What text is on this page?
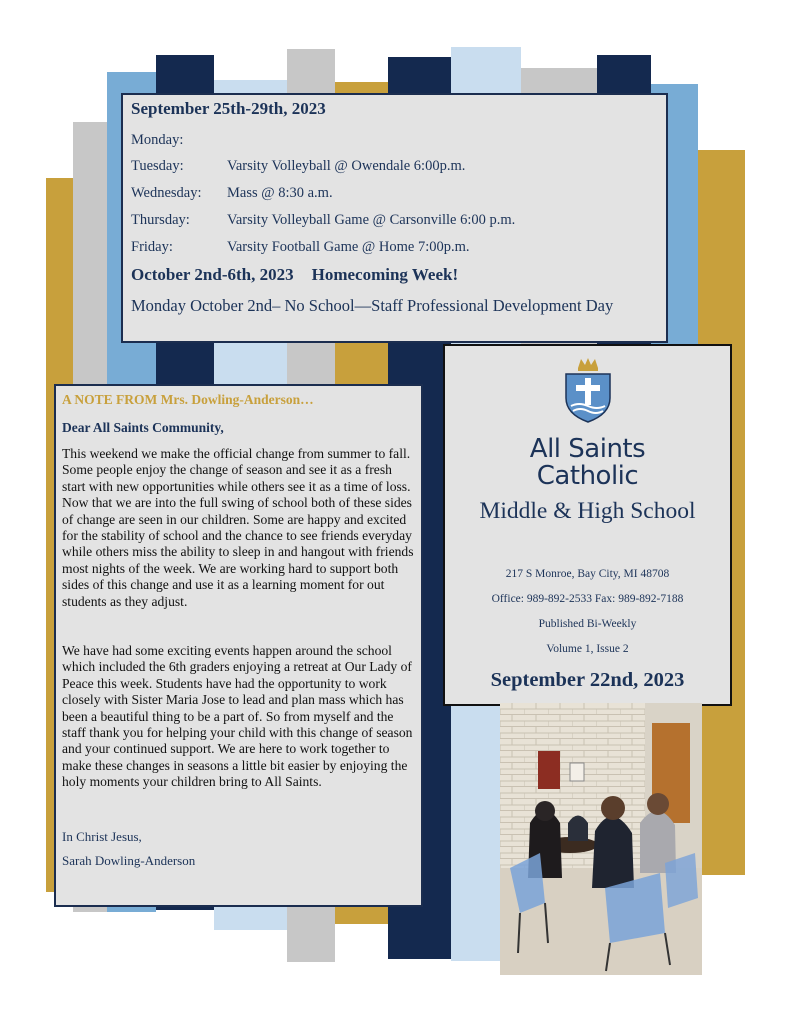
September 25th-29th, 2023
Monday:
Tuesday:	Varsity Volleyball @ Owendale 6:00p.m.
Wednesday: Mass @ 8:30 a.m.
Thursday:	Varsity Volleyball Game @ Carsonville 6:00 p.m.
Friday:	Varsity Football Game @ Home 7:00p.m.
October 2nd-6th, 2023 Homecoming Week!
Monday October 2nd– No School—Staff Professional Development Day
A NOTE FROM Mrs. Dowling-Anderson…
Dear All Saints Community,

This weekend we make the official change from summer to fall. Some people enjoy the change of season and see it as a fresh start with new opportunities while others see it as a time of loss. Now that we are into the full swing of school both of these sides of change are seen in our children. Some are happy and excited for the stability of school and the chance to see friends everyday while others miss the ability to sleep in and hangout with friends most nights of the week. We are working hard to support both sides of this change and use it as a learning moment for out students as they adjust.

We have had some exciting events happen around the school which included the 6th graders enjoying a retreat at Our Lady of Peace this week. Students have had the opportunity to work closely with Sister Maria Jose to lead and plan mass which has been a beautiful thing to be a part of. So from myself and the staff thank you for helping your child with this change of season and your continued support. We are here to work together to make these changes in seasons a little bit easier by enjoying the holy moments your children bring to All Saints.

In Christ Jesus,
Sarah Dowling-Anderson
All Saints
Catholic
Middle & High School
217 S Monroe, Bay City, MI 48708
Office: 989-892-2533 Fax: 989-892-7188
Published Bi-Weekly
Volume 1, Issue 2
September 22nd, 2023
